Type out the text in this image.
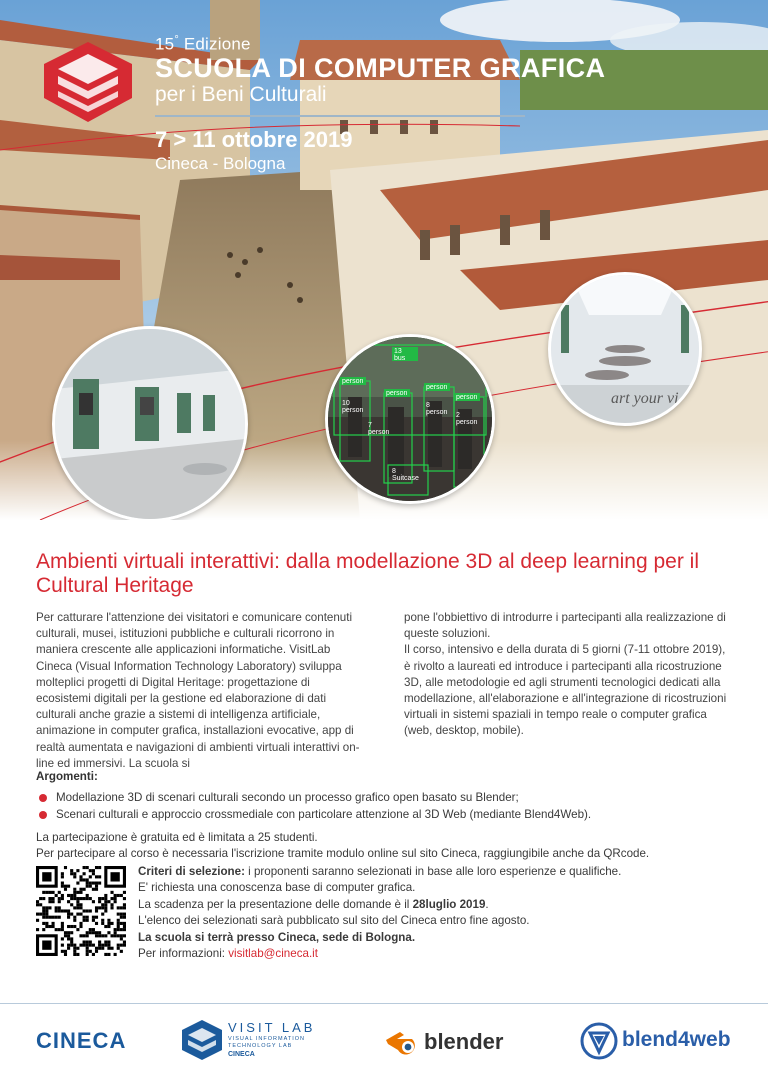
15° Edizione
SCUOLA DI COMPUTER GRAFICA
per i Beni Culturali
7 > 11 ottobre 2019
Cineca - Bologna
13
bus
person
person
person
person
10
person
8
person 2
person
7
person
8
Suitcase
art your vi
Ambienti virtuali interattivi: dalla modellazione 3D al deep learning per il Cultural Heritage

Per catturare l'attenzione dei visitatori e comunicare contenuti culturali, musei, istituzioni pubbliche e culturali ricorrono in maniera crescente alle applicazioni informatiche. VisitLab Cineca (Visual Information Technology Laboratory) sviluppa molteplici progetti di Digital Heritage: progettazione di ecosistemi digitali per la gestione ed elaborazione di dati culturali anche grazie a sistemi di intelligenza artificiale, animazione in computer grafica, installazioni evocative, app di realtà aumentata e navigazioni di ambienti virtuali interattivi on-line ed immersivi. La scuola si

pone l'obbiettivo di introdurre i partecipanti alla realizzazione di queste soluzioni.

Il corso, intensivo e della durata di 5 giorni (7-11 ottobre 2019), è rivolto a laureati ed introduce i partecipanti alla ricostruzione 3D, alle metodologie ed agli strumenti tecnologici dedicati alla modellazione, all'elaborazione e all'integrazione di ricostruzioni virtuali in sistemi spaziali in tempo reale o computer grafica (web, desktop, mobile).

Argomenti:
Modellazione 3D di scenari culturali secondo un processo grafico open basato su Blender;
Scenari culturali e approccio crossmediale con particolare attenzione al 3D Web (mediante Blend4Web).

La partecipazione è gratuita ed è limitata a 25 studenti.

Per partecipare al corso è necessaria l'iscrizione tramite modulo online sul sito Cineca, raggiungibile anche da QRcode.

Criteri di selezione: i proponenti saranno selezionati in base alle loro esperienze e qualifiche.

E' richiesta una conoscenza base di computer grafica.

La scadenza per la presentazione delle domande è il 28luglio 2019.

L'elenco dei selezionati sarà pubblicato sul sito del Cineca entro fine agosto.

La scuola si terrà presso Cineca, sede di Bologna.

Per informazioni: visitlab@cineca.it

CINECA
VISIT LAB
VISUAL INFORMATION
TECHNOLOGY LAB
CINECA
blender	blend4web
